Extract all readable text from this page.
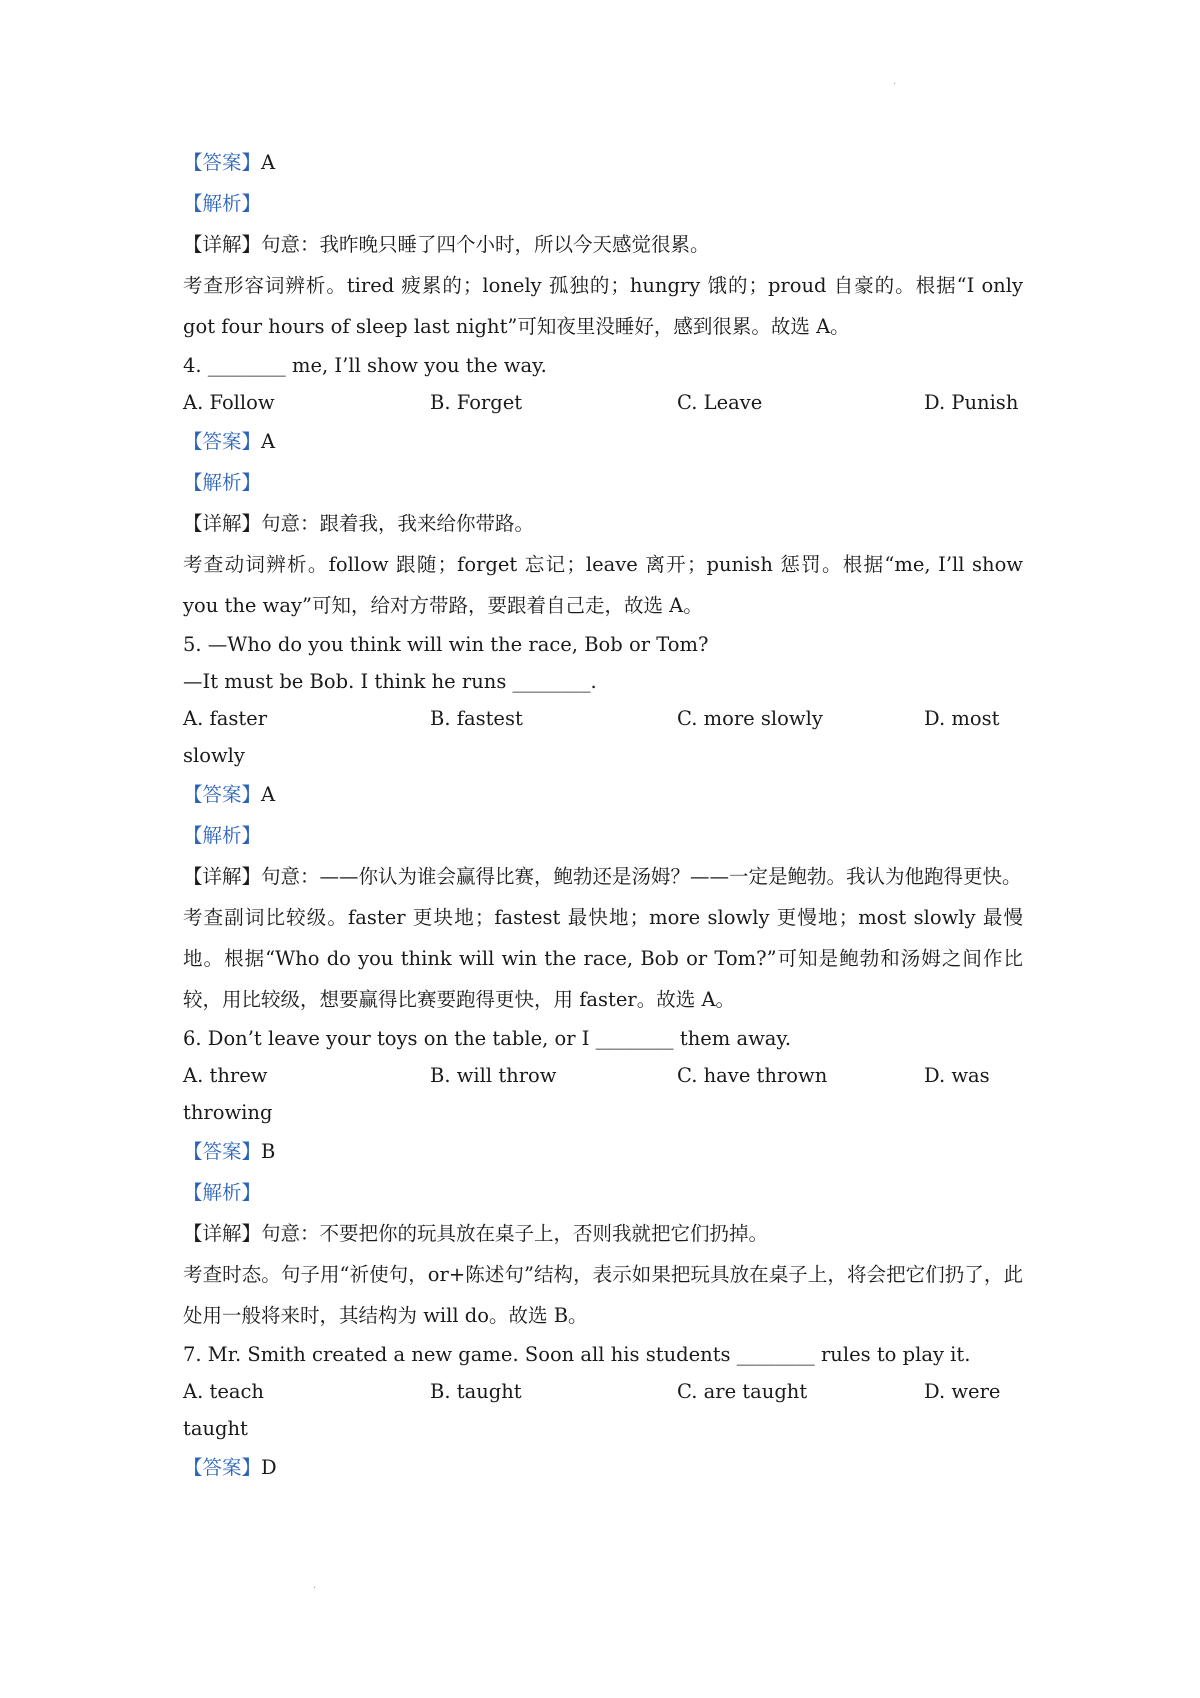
·
【答案】A
【解析】
【详解】句意：我昨晚只睡了四个小时，所以今天感觉很累。
考查形容词辨析。tired 疲累的；lonely 孤独的；hungry 饿的；proud 自豪的。根据“I only got four hours of sleep last night”可知夜里没睡好，感到很累。故选 A。
4. ________ me, I’ll show you the way.
A. Follow	B. Forget	C. Leave	D. Punish
【答案】A
【解析】
【详解】句意：跟着我，我来给你带路。
考查动词辨析。follow 跟随；forget 忘记；leave 离开；punish 惩罚。根据“me, I’ll show you the way”可知，给对方带路，要跟着自己走，故选 A。
5. —Who do you think will win the race, Bob or Tom?
—It must be Bob. I think he runs ________.
A. faster	B. fastest	C. more slowly	D. most
slowly
【答案】A
【解析】
【详解】句意：——你认为谁会赢得比赛，鲍勃还是汤姆？——一定是鲍勃。我认为他跑得更快。
考查副词比较级。faster 更块地；fastest 最快地；more slowly 更慢地；most slowly 最慢地。根据“Who do you think will win the race, Bob or Tom?”可知是鲍勃和汤姆之间作比较，用比较级，想要赢得比赛要跑得更快，用 faster。故选 A。
6. Don’t leave your toys on the table, or I ________ them away.
A. threw	B. will throw	C. have thrown	D. was
throwing
【答案】B
【解析】
【详解】句意：不要把你的玩具放在桌子上，否则我就把它们扔掉。
考查时态。句子用“祈使句，or+陈述句”结构，表示如果把玩具放在桌子上，将会把它们扔了，此处用一般将来时，其结构为 will do。故选 B。
7. Mr. Smith created a new game. Soon all his students ________ rules to play it.
A. teach	B. taught	C. are taught	D. were
taught
【答案】D
·
